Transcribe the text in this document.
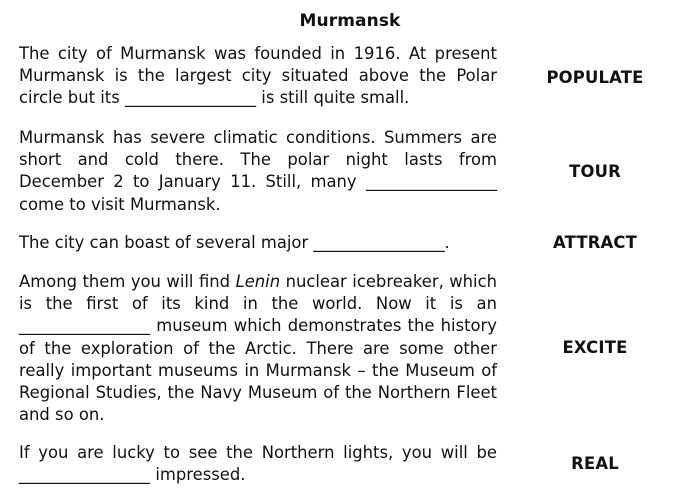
Murmansk
The city of Murmansk was founded in 1916. At present Murmansk is the largest city situated above the Polar circle but its ________________ is still quite small.
POPULATE
Murmansk has severe climatic conditions. Summers are short and cold there. The polar night lasts from December 2 to January 11. Still, many ________________ come to visit Murmansk.
TOUR
The city can boast of several major ________________.	ATTRACT
Among them you will find Lenin nuclear icebreaker, which is the first of its kind in the world. Now it is an ________________ museum which demonstrates the history of the exploration of the Arctic. There are some other really important museums in Murmansk – the Museum of Regional Studies, the Navy Museum of the Northern Fleet and so on.
EXCITE
If you are lucky to see the Northern lights, you will be ________________ impressed.
REAL
